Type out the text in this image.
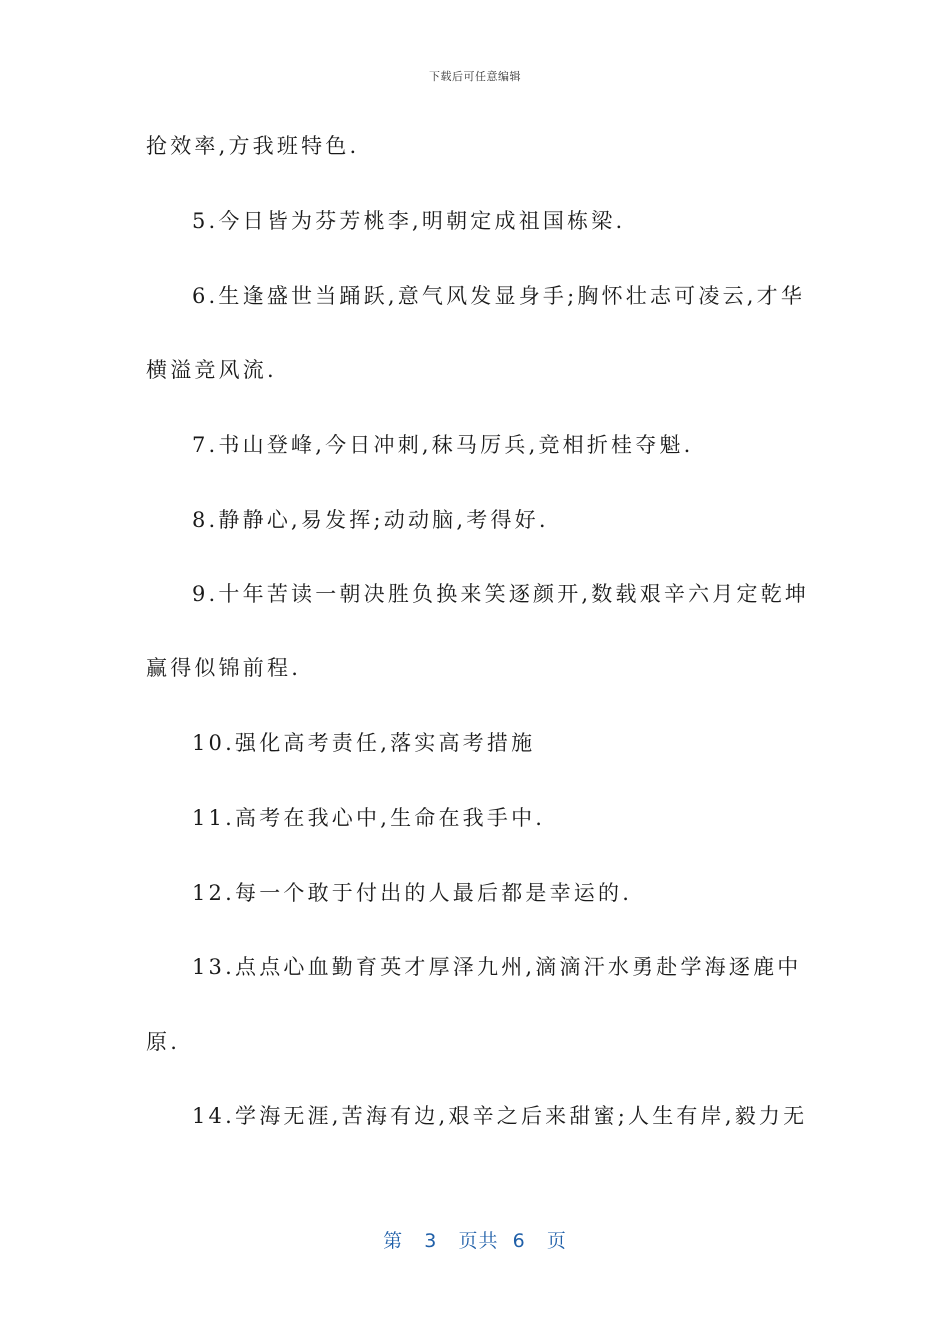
下载后可任意编辑
抢效率,方我班特色.
5.今日皆为芬芳桃李,明朝定成祖国栋梁.
6.生逢盛世当踊跃,意气风发显身手;胸怀壮志可凌云,才华
横溢竞风流.
7.书山登峰,今日冲刺,秣马厉兵,竞相折桂夺魁.
8.静静心,易发挥;动动脑,考得好.
9.十年苦读一朝决胜负换来笑逐颜开,数载艰辛六月定乾坤
赢得似锦前程.
10.强化高考责任,落实高考措施
11.高考在我心中,生命在我手中.
12.每一个敢于付出的人最后都是幸运的.
13.点点心血勤育英才厚泽九州,滴滴汗水勇赴学海逐鹿中
原.
14.学海无涯,苦海有边,艰辛之后来甜蜜;人生有岸,毅力无
第 3 页共 6 页
